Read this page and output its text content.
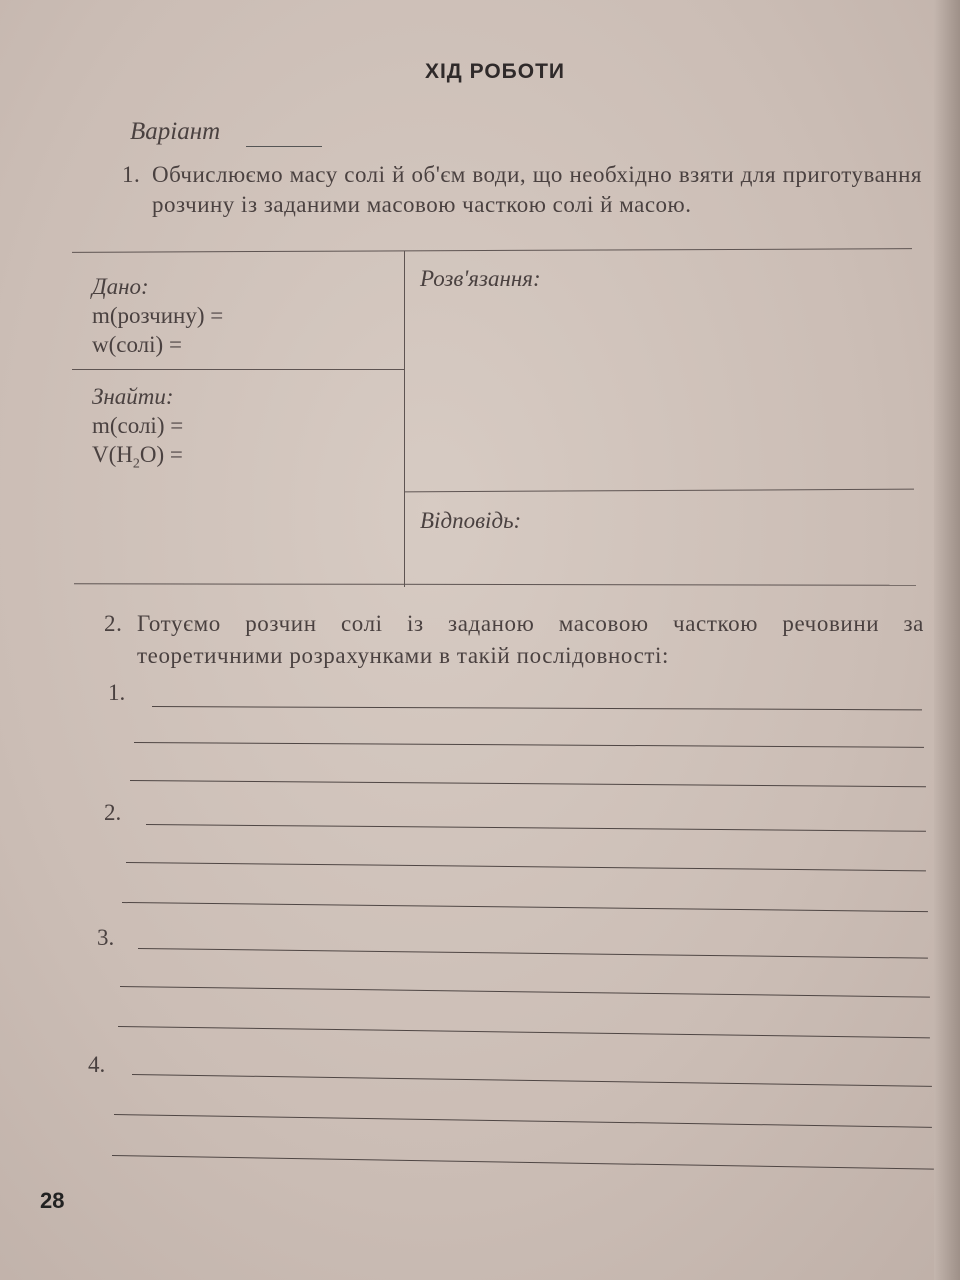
ХІД РОБОТИ
Варіант
1. Обчислюємо масу солі й об'єм води, що необхідно взяти для приготування розчину із заданими масовою часткою солі й масою.
Дано:
m(розчину) =
w(солі) =
Знайти:
m(солі) =
$V(H_2O)$ =
Розв'язання:
Відповідь:
2. Готуємо розчин солі із заданою масовою часткою речовини за теоретичними розрахунками в такій послідовності:
1.
2.
3.
4.
28
